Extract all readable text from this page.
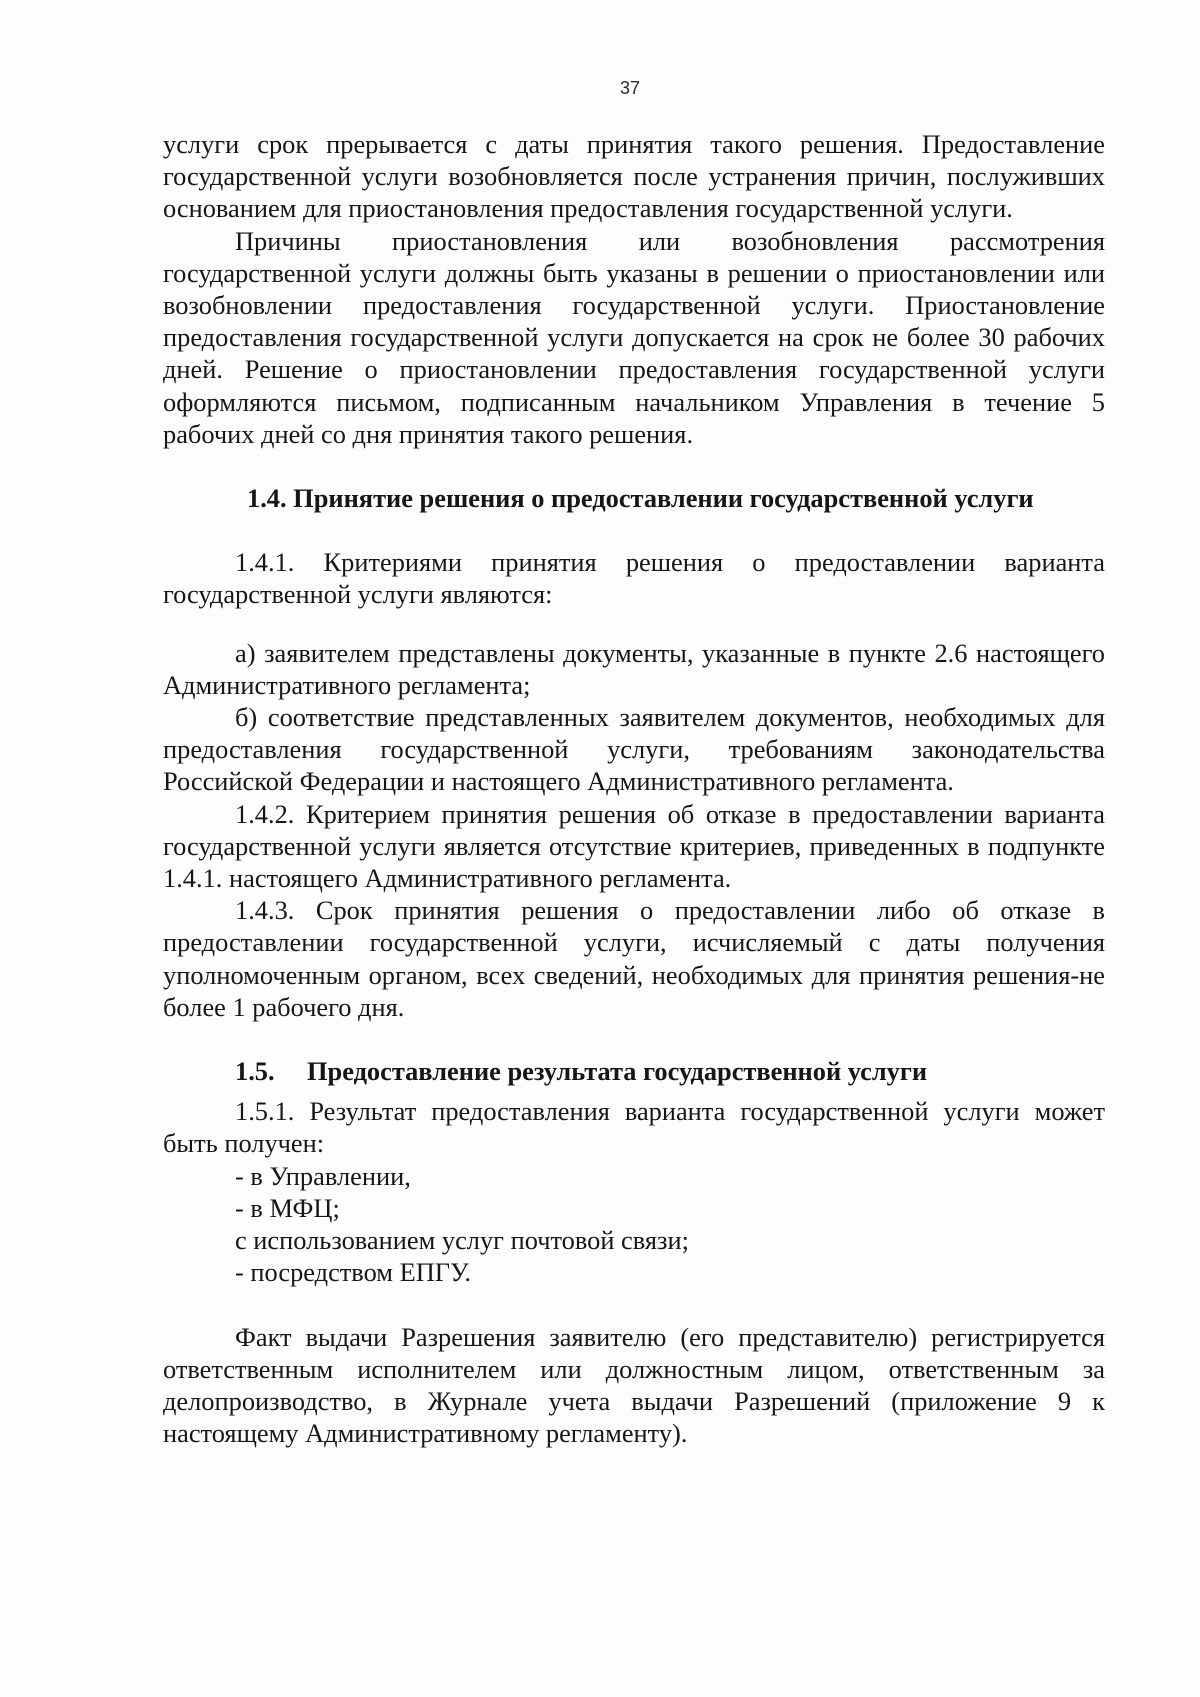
37

услуги срок прерывается с даты принятия такого решения. Предоставление государственной услуги возобновляется после устранения причин, послуживших основанием для приостановления предоставления государственной услуги.

Причины приостановления или возобновления рассмотрения государственной услуги должны быть указаны в решении о приостановлении или возобновлении предоставления государственной услуги. Приостановление предоставления государственной услуги допускается на срок не более 30 рабочих дней. Решение о приостановлении предоставления государственной услуги оформляются письмом, подписанным начальником Управления в течение 5 рабочих дней со дня принятия такого решения.

1.4. Принятие решения о предоставлении государственной услуги

1.4.1. Критериями принятия решения о предоставлении варианта государственной услуги являются:

а) заявителем представлены документы, указанные в пункте 2.6 настоящего Административного регламента;

б) соответствие представленных заявителем документов, необходимых для предоставления государственной услуги, требованиям законодательства Российской Федерации и настоящего Административного регламента.

1.4.2. Критерием принятия решения об отказе в предоставлении варианта государственной услуги является отсутствие критериев, приведенных в подпункте 1.4.1. настоящего Административного регламента.

1.4.3. Срок принятия решения о предоставлении либо об отказе в предоставлении государственной услуги, исчисляемый с даты получения уполномоченным органом, всех сведений, необходимых для принятия решения-не более 1 рабочего дня.

1.5. Предоставление результата государственной услуги

1.5.1. Результат предоставления варианта государственной услуги может быть получен:

- в Управлении,

- в МФЦ;

с использованием услуг почтовой связи;

- посредством ЕПГУ.

Факт выдачи Разрешения заявителю (его представителю) регистрируется ответственным исполнителем или должностным лицом, ответственным за делопроизводство, в Журнале учета выдачи Разрешений (приложение 9 к настоящему Административному регламенту).
